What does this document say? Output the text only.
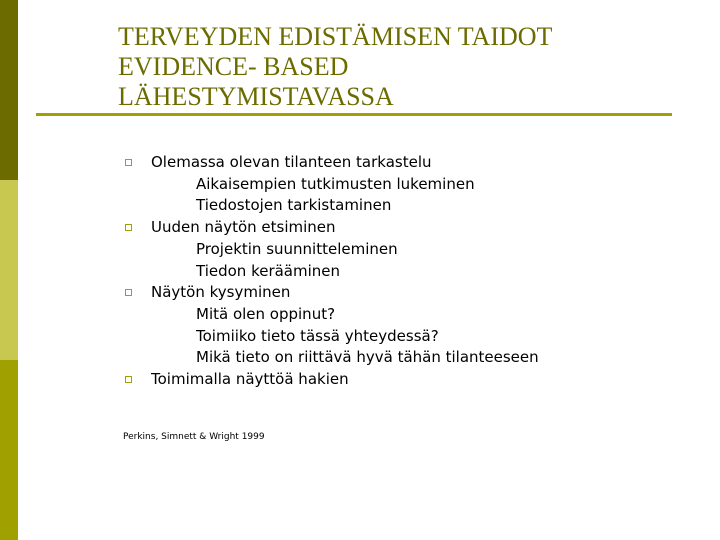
TERVEYDEN EDISTÄMISEN TAIDOT
EVIDENCE- BASED
LÄHESTYMISTAVASSA
Olemassa olevan tilanteen tarkastelu
Aikaisempien tutkimusten lukeminen
Tiedostojen tarkistaminen
Uuden näytön etsiminen
Projektin suunnitteleminen
Tiedon kerääminen
Näytön kysyminen
Mitä olen oppinut?
Toimiiko tieto tässä yhteydessä?
Mikä tieto on riittävä hyvä tähän tilanteeseen
Toimimalla näyttöä hakien
Perkins, Simnett & Wright 1999
